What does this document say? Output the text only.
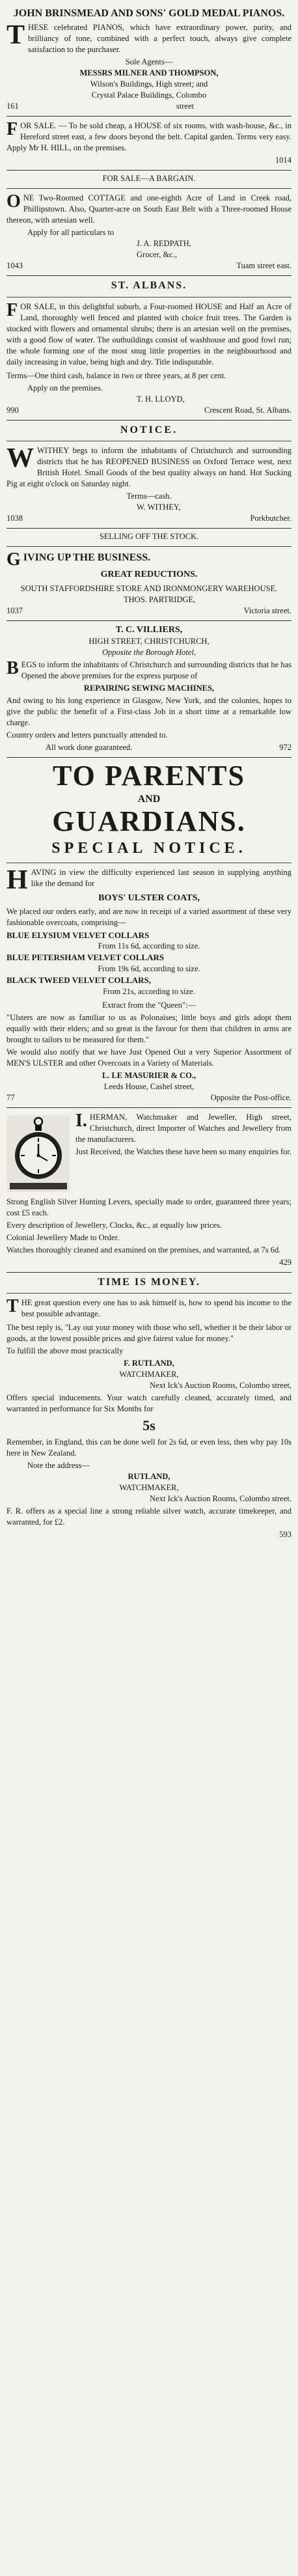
JOHN BRINSMEAD AND SONS' GOLD MEDAL PIANOS.
T HESE celebrated PIANOS, which have extraordinary power, purity, and brilliancy of tone, combined with a perfect touch, always give complete satisfaction to the purchaser.

Sole Agents—
MESSRS MILNER AND THOMPSON,
Wilson's Buildings, High street; and
Crystal Palace Buildings, Colombo
161	street
F OR SALE. — To be sold cheap, a HOUSE of six rooms, with wash-house, &c., in Hereford street east, a few doors beyond the belt. Capital garden. Terms very easy. Apply Mr H. HILL, on the premises.

1014
FOR SALE—A BARGAIN.
O NE Two-Roomed COTTAGE and one-eighth Acre of Land in Creek road, Phillipstown. Also, Quarter-acre on South East Belt with a Three-roomed House thereon, with artesian well.

Apply for all particulars to
J. A. REDPATH,
Grocer, &c.,
1043	Tuam street east.
ST. ALBANS.
F OR SALE, in this delightful suburb, a Four-roomed HOUSE and Half an Acre of Land, thoroughly well fenced and planted with choice fruit trees. The Garden is stocked with flowers and ornamental shrubs; there is an artesian well on the premises, with a good flow of water. The outbuildings consist of washhouse and good fowl run; the whole forming one of the most snug little properties in the neighbourhood and daily increasing in value, being high and dry. Title indisputable.

Terms—One third cash, balance in two or three years, at 8 per cent.

Apply on the premises.
T. H. LLOYD,
990	Crescent Road, St. Albans.
NOTICE.
W WITHEY begs to inform the inhabitants of Christchurch and surrounding districts that he has REOPENED BUSINESS on Oxford Terrace west, next British Hotel. Small Goods of the best quality always on hand. Hot Sucking Pig at eight o'clock on Saturday night.

Terms—cash.
W. WITHEY,
1038	Porkbutcher.
SELLING OFF THE STOCK.
G IVING UP THE BUSINESS.
GREAT REDUCTIONS.
SOUTH STAFFORDSHIRE STORE AND IRONMONGERY WAREHOUSE.
THOS. PARTRIDGE,
1037	Victoria street.
T. C. VILLIERS,
HIGH STREET, CHRISTCHURCH,
Opposite the Borough Hotel,
B EGS to inform the inhabitants of Christchurch and surrounding districts that he has Opened the above premises for the express purpose of

REPAIRING SEWING MACHINES,

And owing to his long experience in Glasgow, New York, and the colonies, hopes to give the public the benefit of a First-class Job in a short time at a remarkable low charge.

Country orders and letters punctually attended to.

All work done guaranteed.	972
TO PARENTS
AND
GUARDIANS.
SPECIAL NOTICE.
H AVING in view the difficulty experienced last season in supplying anything like the demand for

BOYS' ULSTER COATS,

We placed our orders early, and are now in receipt of a varied assortment of these very fashionable overcoats, comprising—

BLUE ELYSIUM VELVET COLLARS
From 11s 6d, according to size.
BLUE PETERSHAM VELVET COLLARS
From 19s 6d, according to size.
BLACK TWEED VELVET COLLARS,
From 21s, according to size.
Extract from the "Queen":—

"Ulsters are now as familiar to us as Polonaises; little boys and girls adopt them equally with their elders; and so great is the favour for them that children in arms are brought to tailors to be measured for them."

We would also notify that we have Just Opened Out a very Superior Assortment of MEN'S ULSTER and other Overcoats in a Variety of Materials.

L. LE MASURIER & CO.,
Leeds House, Cashel street,
77	Opposite the Post-office.
I. HERMAN, Watchmaker and Jeweller, High street, Christchurch, direct Importer of Watches and Jewellery from the manufacturers.

Just Received, the Watches these have been so many enquiries for.

Strong English Silver Hunting Levers, specially made to order, guaranteed three years; cost £5 each.

Every description of Jewellery, Clocks, &c., at equally low prices.

Colonial Jewellery Made to Order.

Watches thoroughly cleaned and examined on the premises, and warranted, at 7s 6d.

429
TIME IS MONEY.
T HE great question every one has to ask himself is, how to spend his income to the best possible advantage.

The best reply is, "Lay out your money with those who sell, whether it be their labor or goods, at the lowest possible prices and give fairest value for money."

To fulfill the above most practically

F. RUTLAND,
WATCHMAKER,
Next Ick's Auction Rooms, Colombo street,

Offers special inducements. Your watch carefully cleaned, accurately timed, and warranted in performance for Six Months for

5s

Remember, in England, this can be done well for 2s 6d, or even less, then why pay 10s here in New Zealand.

Note the address—
RUTLAND,
WATCHMAKER,
Next Ick's Auction Rooms, Colombo street.

F. R. offers as a special line a strong reliable silver watch, accurate timekeeper, and warranted, for £2.

593
